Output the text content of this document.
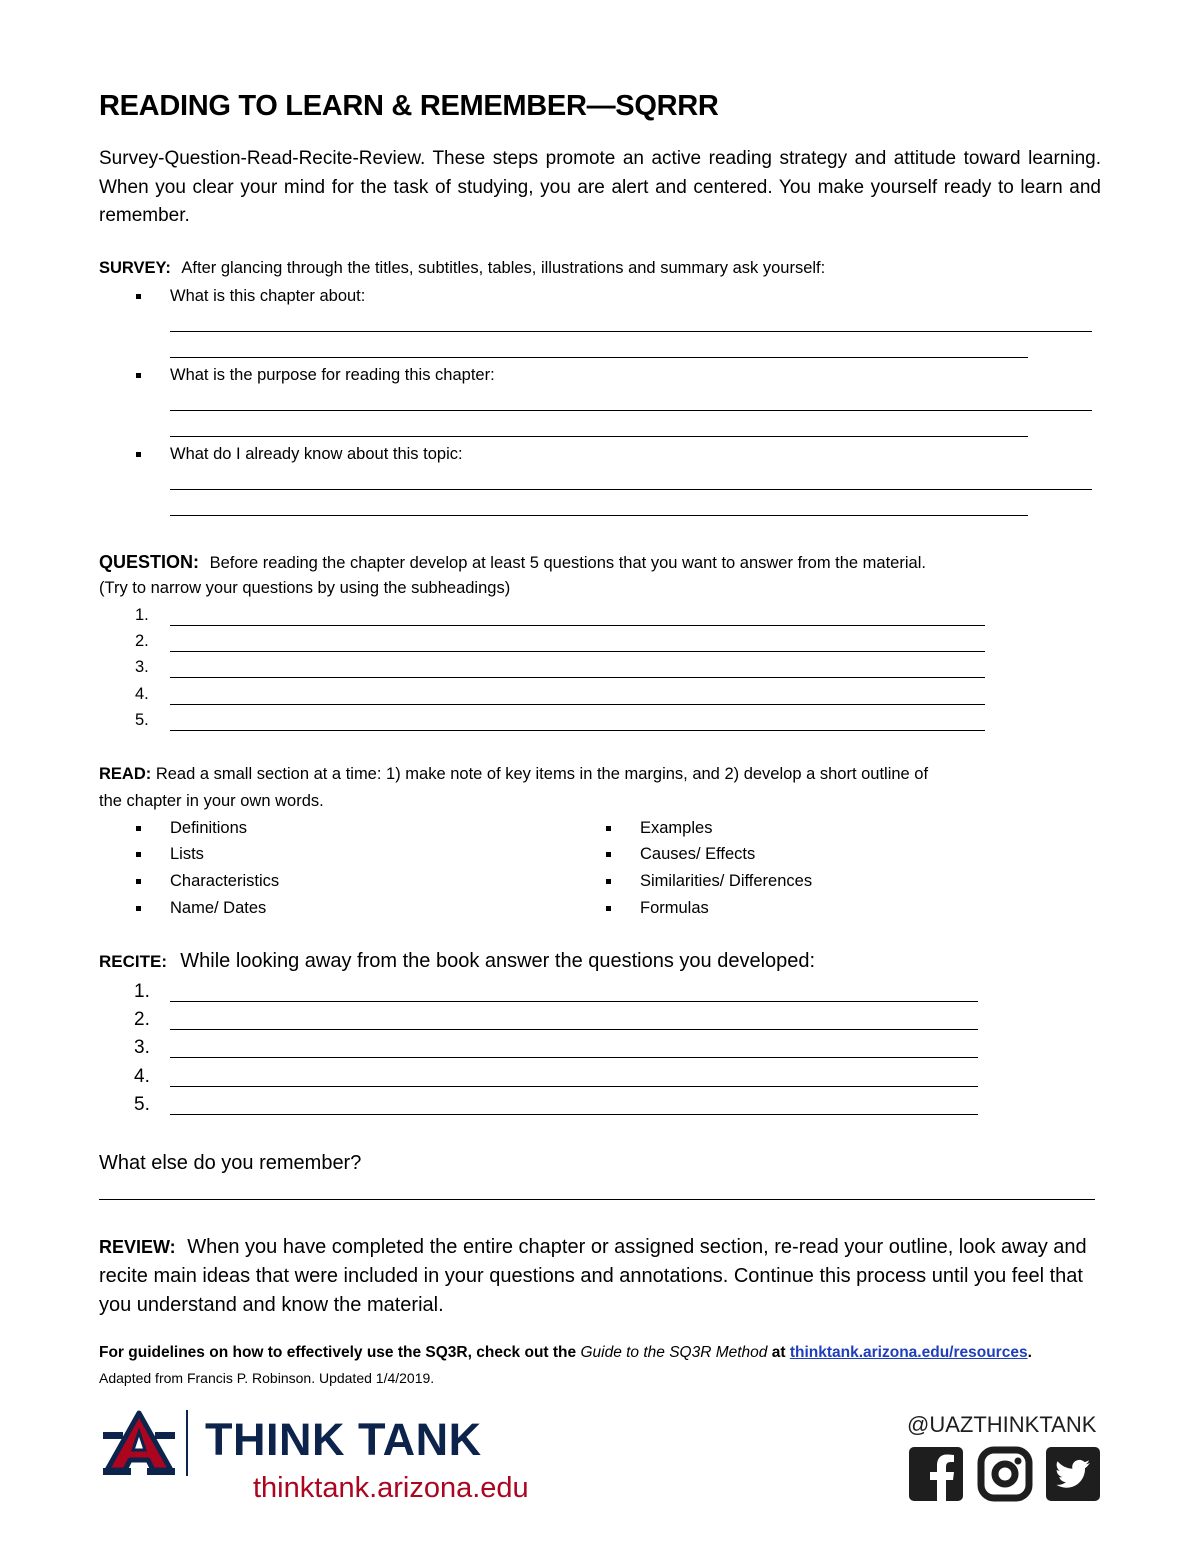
READING TO LEARN & REMEMBER—SQRRR
Survey-Question-Read-Recite-Review. These steps promote an active reading strategy and attitude toward learning. When you clear your mind for the task of studying, you are alert and centered. You make yourself ready to learn and remember.
SURVEY: After glancing through the titles, subtitles, tables, illustrations and summary ask yourself:
What is this chapter about:
What is the purpose for reading this chapter:
What do I already know about this topic:
QUESTION: Before reading the chapter develop at least 5 questions that you want to answer from the material.
(Try to narrow your questions by using the subheadings)
1.
2.
3.
4.
5.
READ: Read a small section at a time: 1) make note of key items in the margins, and 2) develop a short outline of
the chapter in your own words.
Definitions
Lists
Characteristics
Name/ Dates
Examples
Causes/ Effects
Similarities/ Differences
Formulas
RECITE: While looking away from the book answer the questions you developed:
1.
2.
3.
4.
5.
What else do you remember?
REVIEW: When you have completed the entire chapter or assigned section, re-read your outline, look away and recite main ideas that were included in your questions and annotations. Continue this process until you feel that you understand and know the material.
For guidelines on how to effectively use the SQ3R, check out the Guide to the SQ3R Method at thinktank.arizona.edu/resources.
Adapted from Francis P. Robinson. Updated 1/4/2019.
THINK TANK
thinktank.arizona.edu
@UAZTHINKTANK
